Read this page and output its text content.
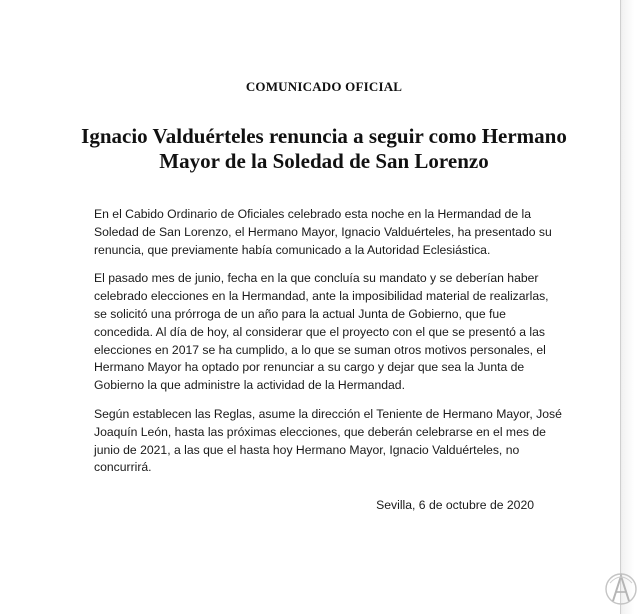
COMUNICADO OFICIAL
Ignacio Valduérteles renuncia a seguir como Hermano
Mayor de la Soledad de San Lorenzo

En el Cabido Ordinario de Oficiales celebrado esta noche en la Hermandad de la Soledad de San Lorenzo, el Hermano Mayor, Ignacio Valduérteles, ha presentado su renuncia, que previamente había comunicado a la Autoridad Eclesiástica.

El pasado mes de junio, fecha en la que concluía su mandato y se deberían haber celebrado elecciones en la Hermandad, ante la imposibilidad material de realizarlas, se solicitó una prórroga de un año para la actual Junta de Gobierno, que fue concedida. Al día de hoy, al considerar que el proyecto con el que se presentó a las elecciones en 2017 se ha cumplido, a lo que se suman otros motivos personales, el Hermano Mayor ha optado por renunciar a su cargo y dejar que sea la Junta de Gobierno la que administre la actividad de la Hermandad.

Según establecen las Reglas, asume la dirección el Teniente de Hermano Mayor, José Joaquín León, hasta las próximas elecciones, que deberán celebrarse en el mes de junio de 2021, a las que el hasta hoy Hermano Mayor, Ignacio Valduérteles, no concurrirá.

Sevilla, 6 de octubre de 2020
